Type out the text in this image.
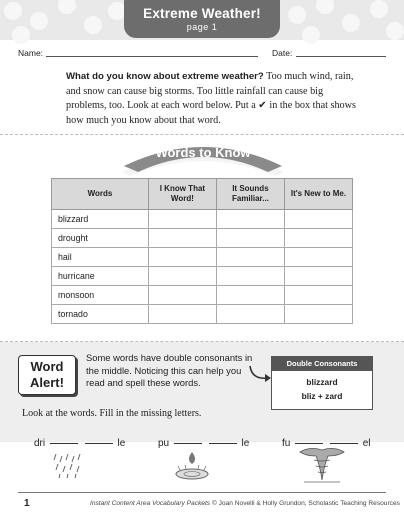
Extreme Weather!
page 1
Name:	Date:
What do you know about extreme weather? Too much wind, rain, and snow can cause big storms. Too little rainfall can cause big problems, too. Look at each word below. Put a ✔ in the box that shows how much you know about that word.
Words to Know
Words	I Know That Word!	It Sounds Familiar...	It's New to Me.
blizzard			
drought			
hail			
hurricane			
monsoon			
tornado			
Word
Alert!
Some words have double consonants in the middle. Noticing this can help you read and spell these words.
Double Consonants
blizzard
bliz + zard
Look at the words. Fill in the missing letters.
dri	le	pu	le	fu	el
1	Instant Content Area Vocabulary Packets © Joan Novelli & Holly Grundon, Scholastic Teaching Resources
